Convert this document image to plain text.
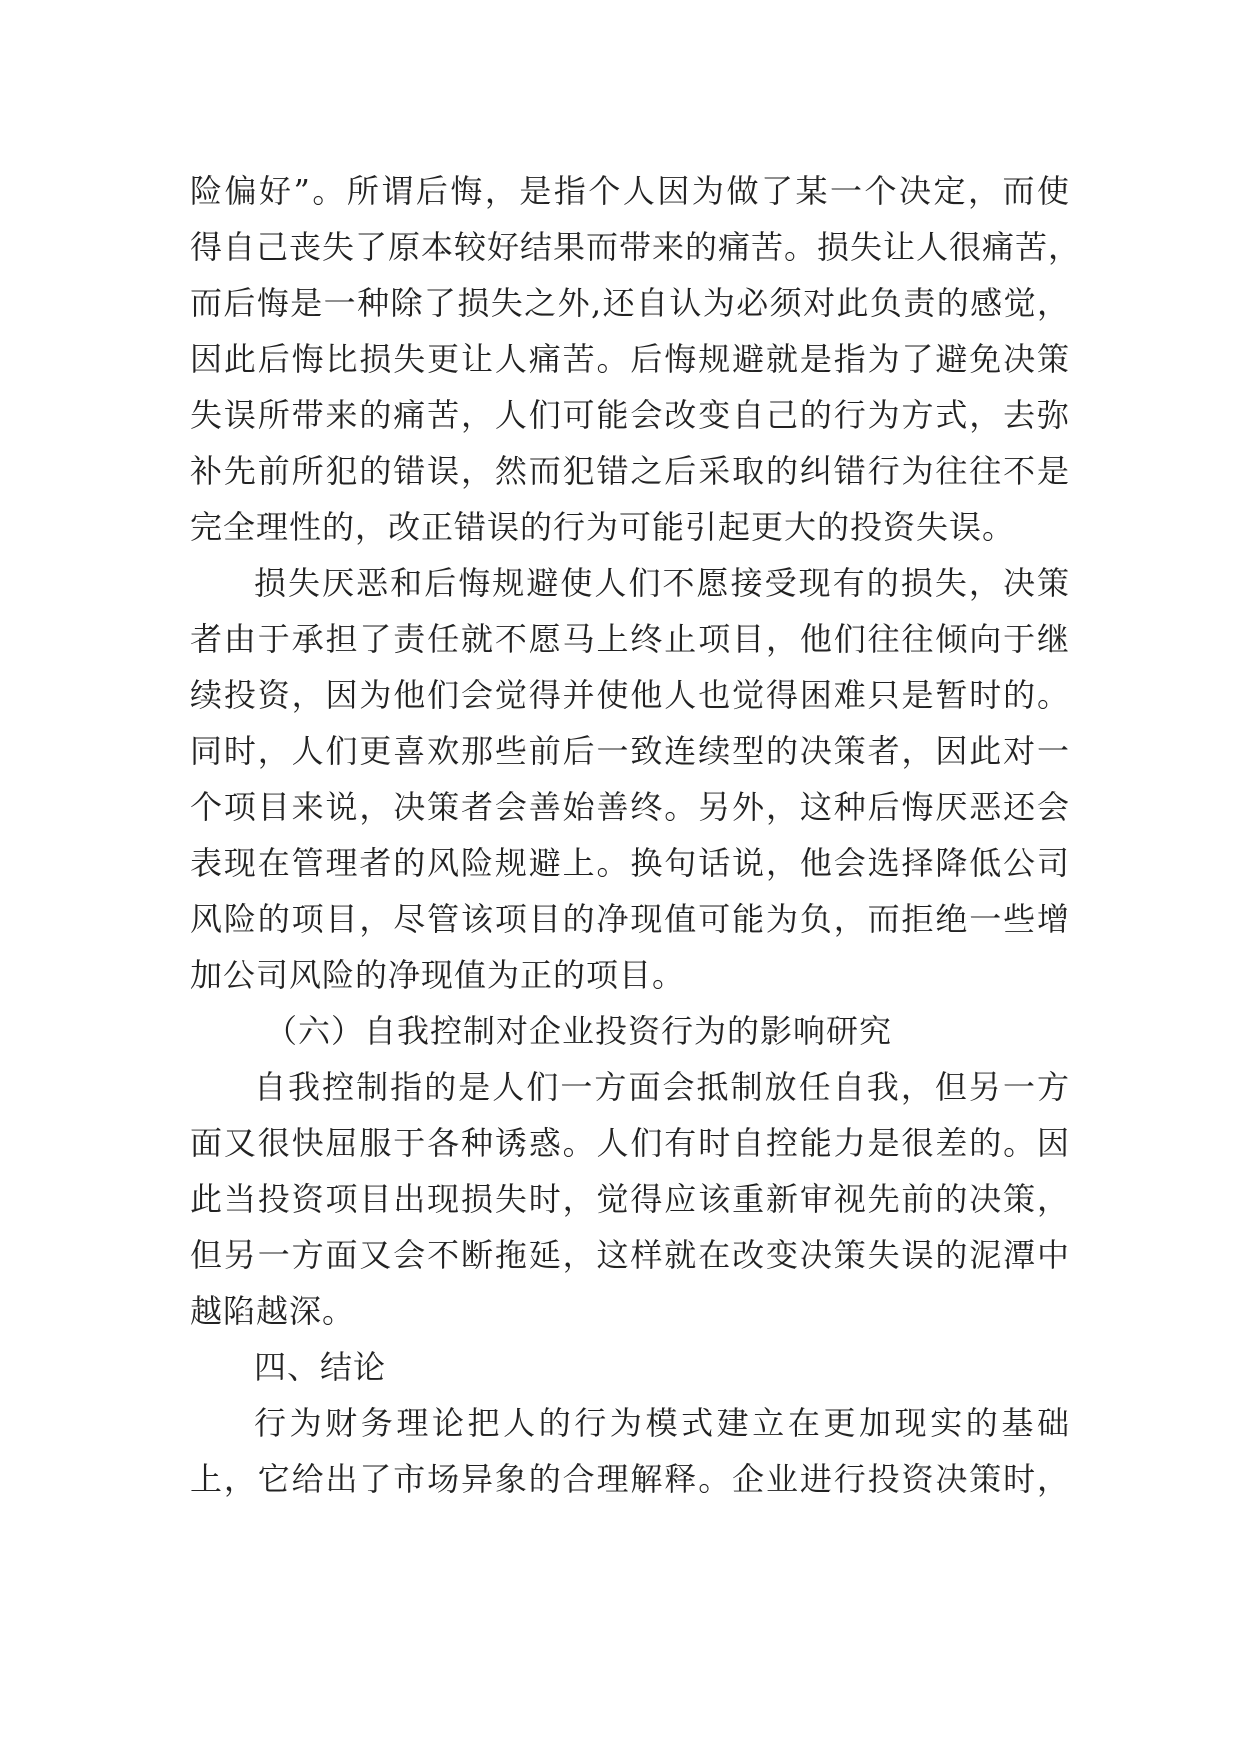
险偏好”。所谓后悔，是指个人因为做了某一个决定，而使
得自己丧失了原本较好结果而带来的痛苦。损失让人很痛苦，
而后悔是一种除了损失之外,还自认为必须对此负责的感觉，
因此后悔比损失更让人痛苦。后悔规避就是指为了避免决策
失误所带来的痛苦，人们可能会改变自己的行为方式，去弥
补先前所犯的错误，然而犯错之后采取的纠错行为往往不是
完全理性的，改正错误的行为可能引起更大的投资失误。
损失厌恶和后悔规避使人们不愿接受现有的损失，决策
者由于承担了责任就不愿马上终止项目，他们往往倾向于继
续投资，因为他们会觉得并使他人也觉得困难只是暂时的。
同时，人们更喜欢那些前后一致连续型的决策者，因此对一
个项目来说，决策者会善始善终。另外，这种后悔厌恶还会
表现在管理者的风险规避上。换句话说，他会选择降低公司
风险的项目，尽管该项目的净现值可能为负，而拒绝一些增
加公司风险的净现值为正的项目。
（六）自我控制对企业投资行为的影响研究
自我控制指的是人们一方面会抵制放任自我，但另一方
面又很快屈服于各种诱惑。人们有时自控能力是很差的。因
此当投资项目出现损失时，觉得应该重新审视先前的决策，
但另一方面又会不断拖延，这样就在改变决策失误的泥潭中
越陷越深。
四、结论
行为财务理论把人的行为模式建立在更加现实的基础
上，它给出了市场异象的合理解释。企业进行投资决策时，
